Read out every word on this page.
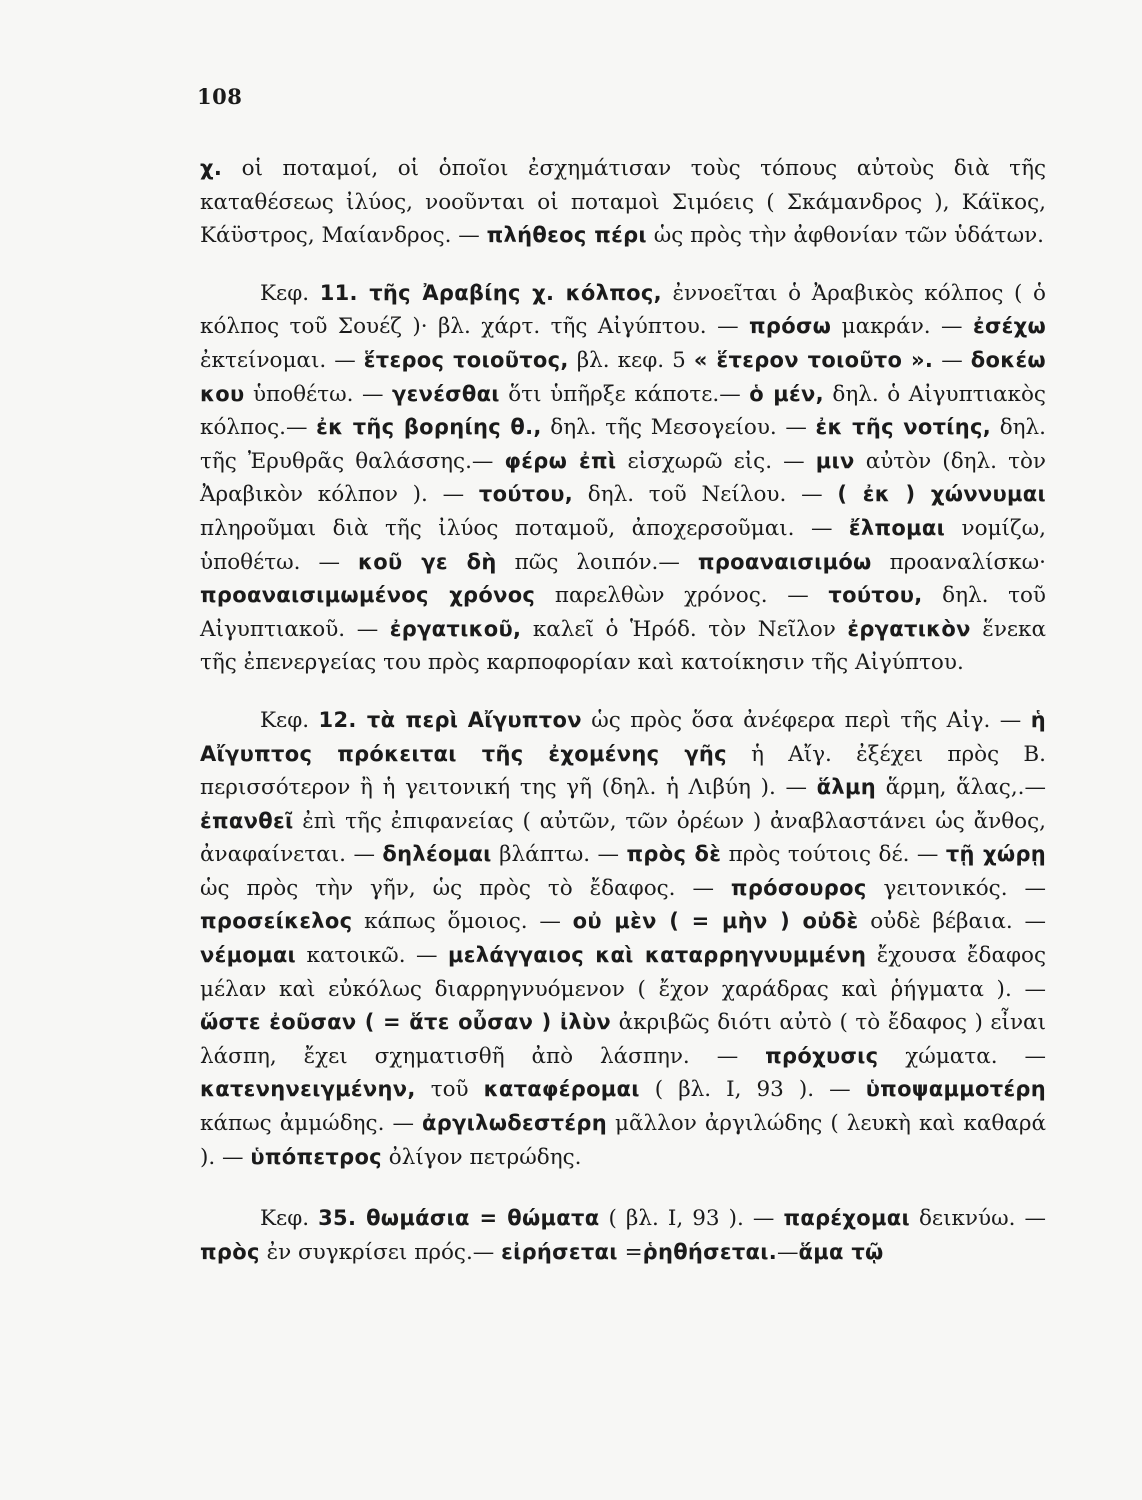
108

χ. οἱ ποταμοί, οἱ ὁποῖοι ἐσχημάτισαν τοὺς τόπους αὐτοὺς διὰ τῆς καταθέσεως ἰλύος, νοοῦνται οἱ ποταμοὶ Σιμόεις ( Σκάμανδρος ), Κάϊκος, Κάϋστρος, Μαίανδρος. — πλήθεος πέρι ὡς πρὸς τὴν ἀφθονίαν τῶν ὑδάτων.

Κεφ. 11. τῆς Ἀραβίης χ. κόλπος, ἐννοεῖται ὁ Ἀραβικὸς κόλπος ( ὁ κόλπος τοῦ Σουέζ )· βλ. χάρτ. τῆς Αἰγύπτου. — πρόσω μακράν. — ἐσέχω ἐκτείνομαι. — ἕτερος τοιοῦτος, βλ. κεφ. 5 « ἕτερον τοιοῦτο ». — δοκέω κου ὑποθέτω. — γενέσθαι ὅτι ὑπῆρξε κάποτε.— ὁ μέν, δηλ. ὁ Αἰγυπτιακὸς κόλπος.— ἐκ τῆς βορηίης θ., δηλ. τῆς Μεσογείου. — ἐκ τῆς νοτίης, δηλ. τῆς Ἐρυθρᾶς θαλάσσης.— φέρω ἐπὶ εἰσχωρῶ εἰς. — μιν αὐτὸν (δηλ. τὸν Ἀραβικὸν κόλπον ). — τούτου, δηλ. τοῦ Νείλου. — ( ἐκ ) χώννυμαι πληροῦμαι διὰ τῆς ἰλύος ποταμοῦ, ἀποχερσοῦμαι. — ἔλπομαι νομίζω, ὑποθέτω. — κοῦ γε δὴ πῶς λοιπόν.— προαναισιμόω προαναλίσκω· προαναισιμωμένος χρόνος παρελθὼν χρόνος. — τούτου, δηλ. τοῦ Αἰγυπτιακοῦ. — ἐργατικοῦ, καλεῖ ὁ Ἡρόδ. τὸν Νεῖλον ἐργατικὸν ἕνεκα τῆς ἐπενεργείας του πρὸς καρποφορίαν καὶ κατοίκησιν τῆς Αἰγύπτου.

Κεφ. 12. τὰ περὶ Αἴγυπτον ὡς πρὸς ὅσα ἀνέφερα περὶ τῆς Αἰγ. — ἡ Αἴγυπτος πρόκειται τῆς ἐχομένης γῆς ἡ Αἴγ. ἐξέχει πρὸς Β. περισσότερον ἢ ἡ γειτονική της γῆ (δηλ. ἡ Λιβύη ). — ἅλμη ἅρμη, ἅλας,.— ἐπανθεῖ ἐπὶ τῆς ἐπιφανείας ( αὐτῶν, τῶν ὀρέων ) ἀναβλαστάνει ὡς ἄνθος, ἀναφαίνεται. — δηλέομαι βλάπτω. — πρὸς δὲ πρὸς τούτοις δέ. — τῇ χώρῃ ὡς πρὸς τὴν γῆν, ὡς πρὸς τὸ ἔδαφος. — πρόσουρος γειτονικός. — προσείκελος κάπως ὅμοιος. — οὐ μὲν ( = μὴν ) οὐδὲ οὐδὲ βέβαια. — νέμομαι κατοικῶ. — μελάγγαιος καὶ καταρρηγνυμμένη ἔχουσα ἔδαφος μέλαν καὶ εὐκόλως διαρρηγνυόμενον ( ἔχον χαράδρας καὶ ῥήγματα ). — ὥστε ἐοῦσαν ( = ἅτε οὖσαν ) ἰλὺν ἀκριβῶς διότι αὐτὸ ( τὸ ἔδαφος ) εἶναι λάσπη, ἔχει σχηματισθῆ ἀπὸ λάσπην. — πρόχυσις χώματα. — κατενηνειγμένην, τοῦ καταφέρομαι ( βλ. Ι, 93 ). — ὑποψαμμοτέρη κάπως ἀμμώδης. — ἀργιλωδεστέρη μᾶλλον ἀργιλώδης ( λευκὴ καὶ καθαρά ). — ὑπόπετρος ὀλίγον πετρώδης.

Κεφ. 35. θωμάσια = θώματα ( βλ. Ι, 93 ). — παρέχομαι δεικνύω. — πρὸς ἐν συγκρίσει πρός.— εἰρήσεται =ῥηθήσεται.—ἅμα τῷ
